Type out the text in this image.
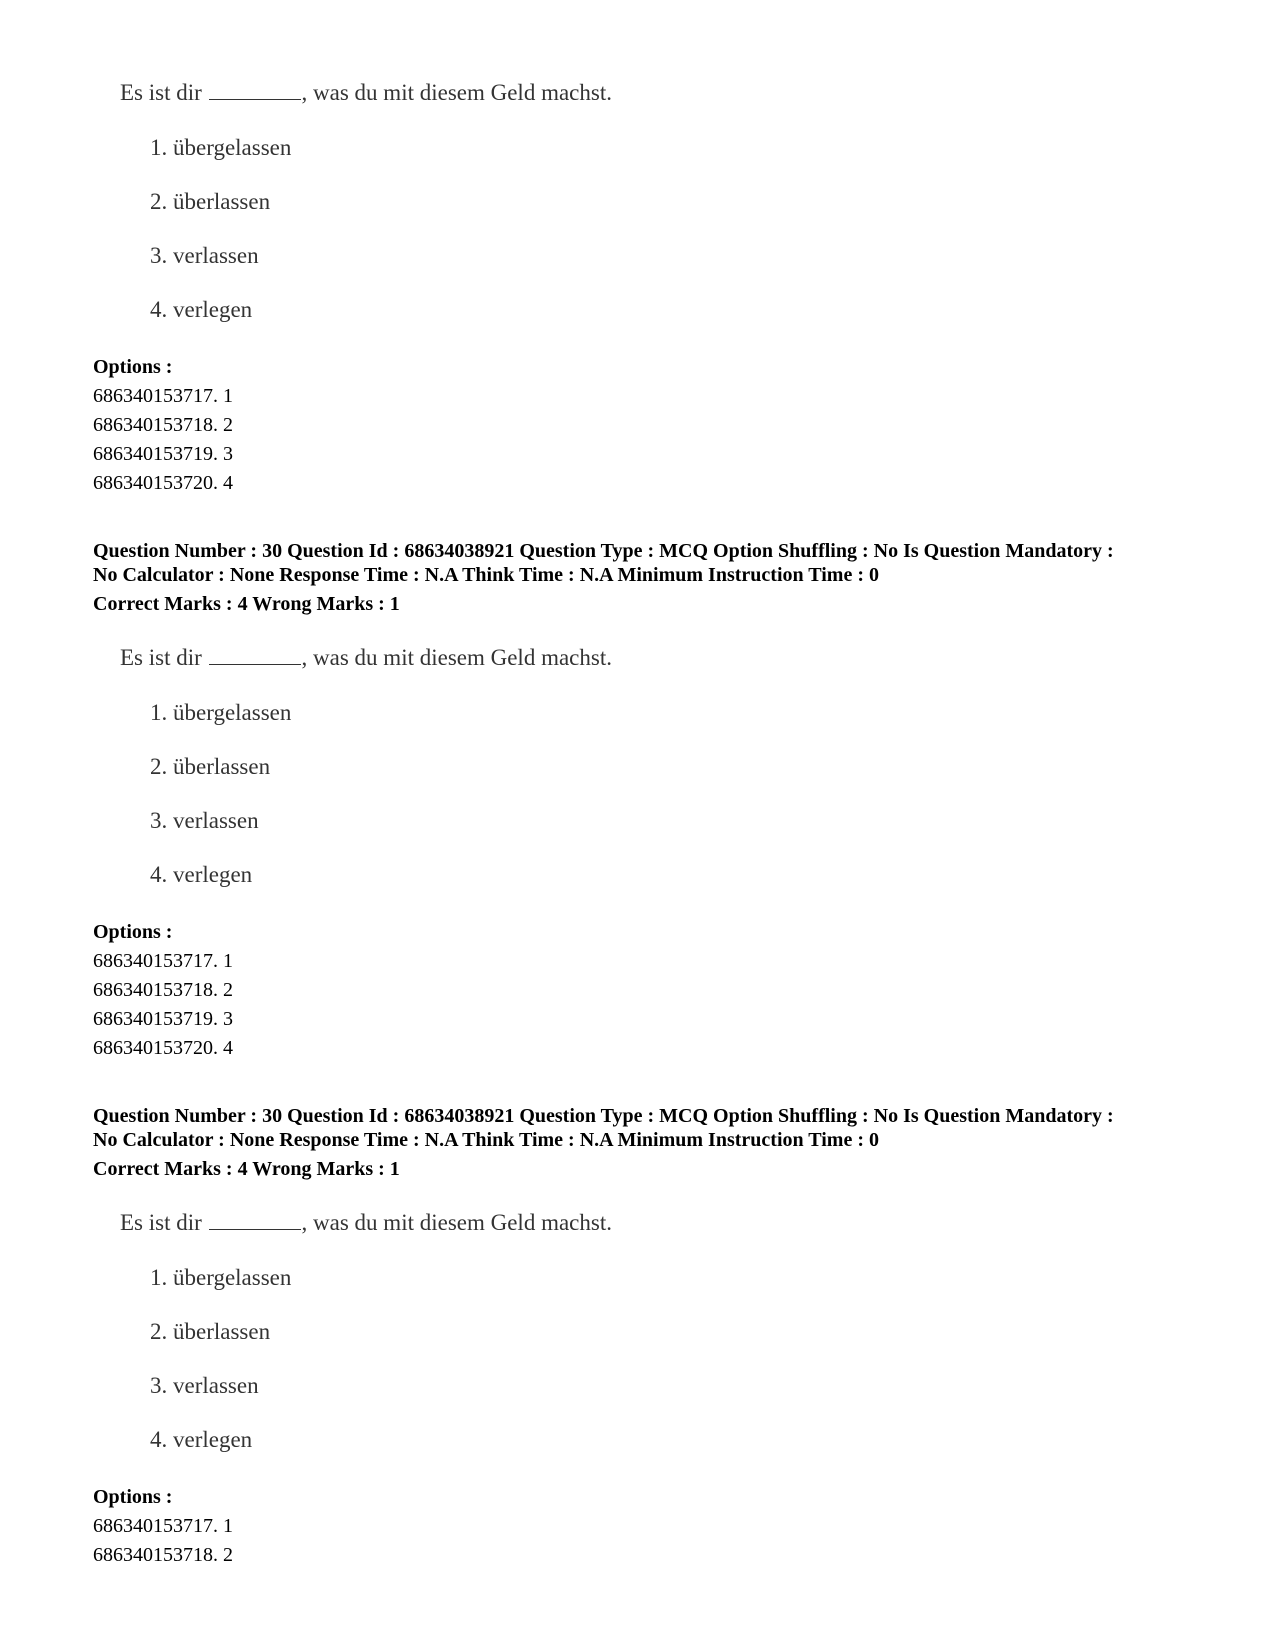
Es ist dir	, was du mit diesem Geld machst.
1. übergelassen
2. überlassen
3. verlassen
4. verlegen
Options :
686340153717. 1
686340153718. 2
686340153719. 3
686340153720. 4
Question Number : 30 Question Id : 68634038921 Question Type : MCQ Option Shuffling : No Is Question Mandatory :
No Calculator : None Response Time : N.A Think Time : N.A Minimum Instruction Time : 0
Correct Marks : 4 Wrong Marks : 1
Es ist dir	, was du mit diesem Geld machst.
1. übergelassen
2. überlassen
3. verlassen
4. verlegen
Options :
686340153717. 1
686340153718. 2
686340153719. 3
686340153720. 4
Question Number : 30 Question Id : 68634038921 Question Type : MCQ Option Shuffling : No Is Question Mandatory :
No Calculator : None Response Time : N.A Think Time : N.A Minimum Instruction Time : 0
Correct Marks : 4 Wrong Marks : 1
Es ist dir	, was du mit diesem Geld machst.
1. übergelassen
2. überlassen
3. verlassen
4. verlegen
Options :
686340153717. 1
686340153718. 2
